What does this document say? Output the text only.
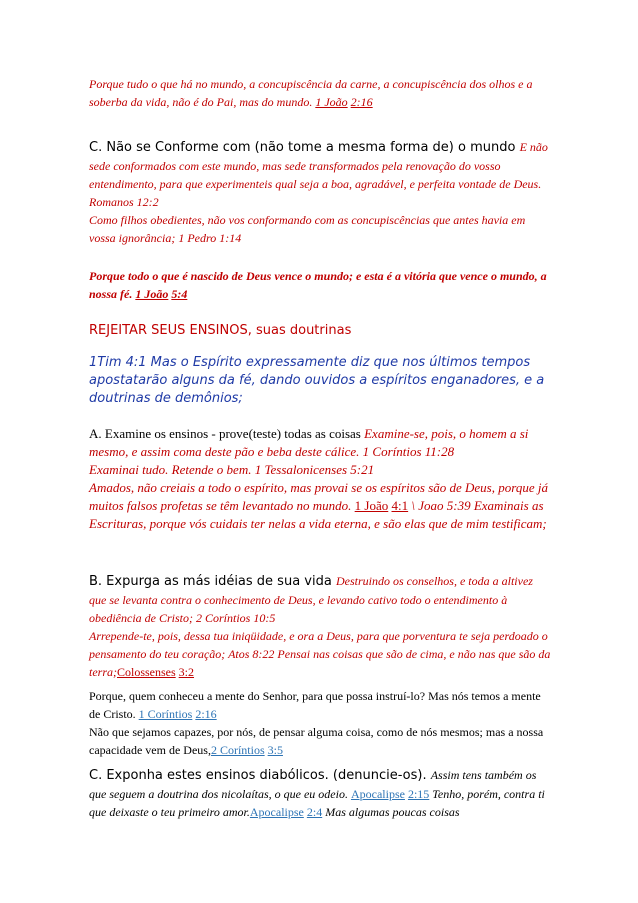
Porque tudo o que há no mundo, a concupiscência da carne, a concupiscência dos olhos e a soberba da vida, não é do Pai, mas do mundo. 1 João 2:16

C. Não se Conforme com (não tome a mesma forma de) o mundo E não sede conformados com este mundo, mas sede transformados pela renovação do vosso entendimento, para que experimenteis qual seja a boa, agradável, e perfeita vontade de Deus. Romanos 12:2
Como filhos obedientes, não vos conformando com as concupiscências que antes havia em vossa ignorância; 1 Pedro 1:14

Porque todo o que é nascido de Deus vence o mundo; e esta é a vitória que vence o mundo, a nossa fé. 1 João 5:4

REJEITAR SEUS ENSINOS, suas doutrinas

1Tim 4:1 Mas o Espírito expressamente diz que nos últimos tempos apostatarão alguns da fé, dando ouvidos a espíritos enganadores, e a doutrinas de demônios;

A. Examine os ensinos - prove(teste) todas as coisas Examine-se, pois, o homem a si mesmo, e assim coma deste pão e beba deste cálice. 1 Coríntios 11:28
Examinai tudo. Retende o bem. 1 Tessalonicenses 5:21
Amados, não creiais a todo o espírito, mas provai se os espíritos são de Deus, porque já muitos falsos profetas se têm levantado no mundo. 1 João 4:1 \ Joao 5:39 Examinais as Escrituras, porque vós cuidais ter nelas a vida eterna, e são elas que de mim testificam;

B. Expurga as más idéias de sua vida Destruindo os conselhos, e toda a altivez que se levanta contra o conhecimento de Deus, e levando cativo todo o entendimento à obediência de Cristo; 2 Coríntios 10:5
Arrepende-te, pois, dessa tua iniqüidade, e ora a Deus, para que porventura te seja perdoado o pensamento do teu coração; Atos 8:22 Pensai nas coisas que são de cima, e não nas que são da terra;Colossenses 3:2

Porque, quem conheceu a mente do Senhor, para que possa instruí-lo? Mas nós temos a mente de Cristo. 1 Coríntios 2:16
Não que sejamos capazes, por nós, de pensar alguma coisa, como de nós mesmos; mas a nossa capacidade vem de Deus,2 Coríntios 3:5

C. Exponha estes ensinos diabólicos. (denuncie-os). Assim tens também os que seguem a doutrina dos nicolaítas, o que eu odeio. Apocalipse 2:15 Tenho, porém, contra ti que deixaste o teu primeiro amor.Apocalipse 2:4 Mas algumas poucas coisas
